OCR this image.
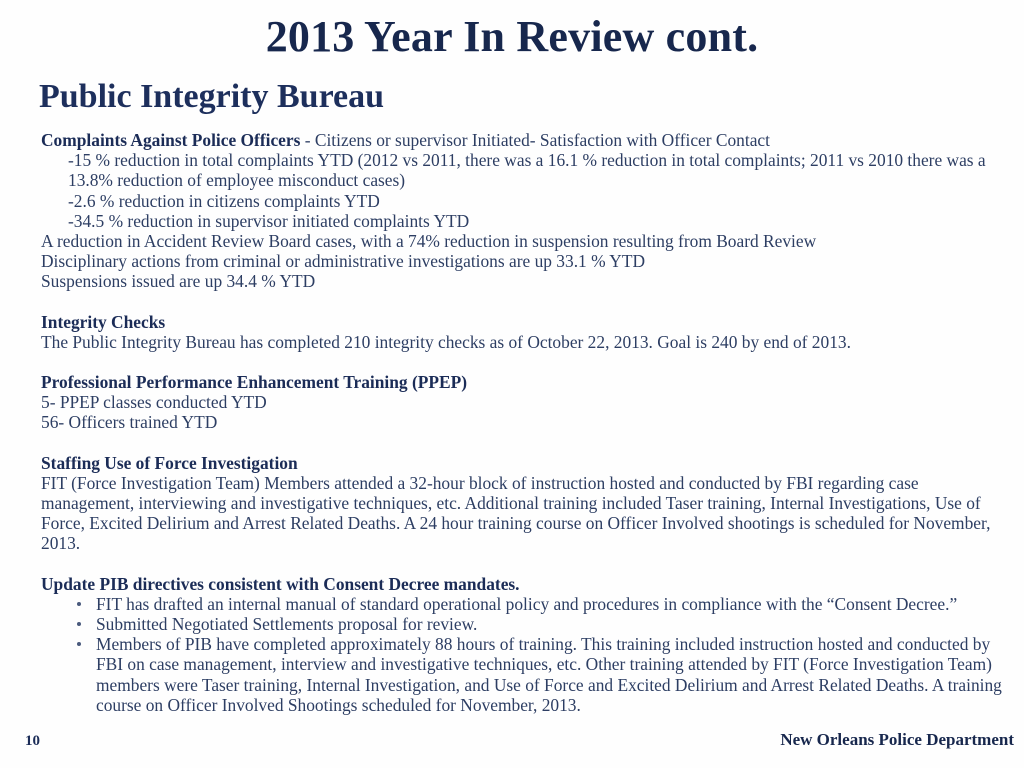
2013 Year In Review cont.
Public Integrity Bureau

Complaints Against Police Officers - Citizens or supervisor Initiated- Satisfaction with Officer Contact

-15 % reduction in total complaints YTD (2012 vs 2011, there was a 16.1 % reduction in total complaints; 2011 vs 2010 there was a 13.8% reduction of employee misconduct cases)

-2.6 % reduction in citizens complaints YTD

-34.5 % reduction in supervisor initiated complaints YTD

A reduction in Accident Review Board cases, with a 74% reduction in suspension resulting from Board Review

Disciplinary actions from criminal or administrative investigations are up 33.1 % YTD

Suspensions issued are up 34.4 % YTD

Integrity Checks

The Public Integrity Bureau has completed 210 integrity checks as of October 22, 2013. Goal is 240 by end of 2013.

Professional Performance Enhancement Training (PPEP)

5- PPEP classes conducted YTD

56- Officers trained YTD

Staffing Use of Force Investigation

FIT (Force Investigation Team) Members attended a 32-hour block of instruction hosted and conducted by FBI regarding case management, interviewing and investigative techniques, etc. Additional training included Taser training, Internal Investigations, Use of Force, Excited Delirium and Arrest Related Deaths. A 24 hour training course on Officer Involved shootings is scheduled for November, 2013.

Update PIB directives consistent with Consent Decree mandates.

FIT has drafted an internal manual of standard operational policy and procedures in compliance with the “Consent Decree.”
Submitted Negotiated Settlements proposal for review.
Members of PIB have completed approximately 88 hours of training. This training included instruction hosted and conducted by FBI on case management, interview and investigative techniques, etc. Other training attended by FIT (Force Investigation Team) members were Taser training, Internal Investigation, and Use of Force and Excited Delirium and Arrest Related Deaths. A training course on Officer Involved Shootings scheduled for November, 2013.
10	New Orleans Police Department
